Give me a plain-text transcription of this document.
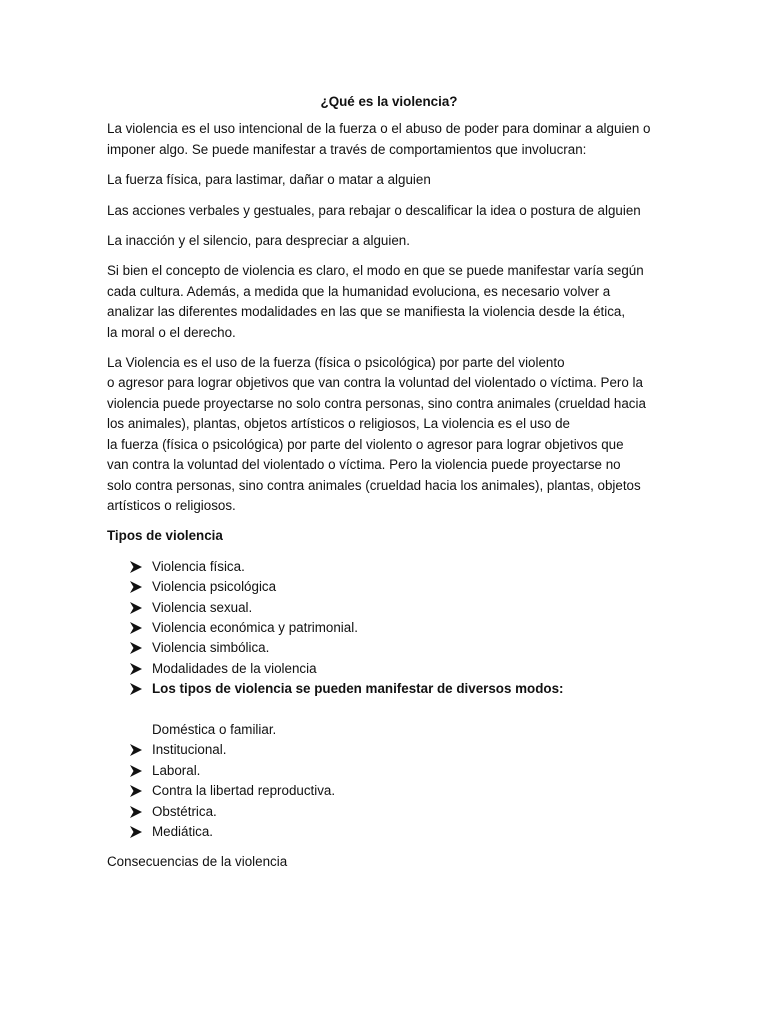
¿Qué es la violencia?
La violencia es el uso intencional de la fuerza o el abuso de poder para dominar a alguien o
imponer algo. Se puede manifestar a través de comportamientos que involucran:
La fuerza física, para lastimar, dañar o matar a alguien
Las acciones verbales y gestuales, para rebajar o descalificar la idea o postura de alguien
La inacción y el silencio, para despreciar a alguien.
Si bien el concepto de violencia es claro, el modo en que se puede manifestar varía según
cada cultura. Además, a medida que la humanidad evoluciona, es necesario volver a
analizar las diferentes modalidades en las que se manifiesta la violencia desde la ética,
la moral o el derecho.
La Violencia es el uso de la fuerza (física o psicológica) por parte del violento
o agresor para lograr objetivos que van contra la voluntad del violentado o víctima. Pero la
violencia puede proyectarse no solo contra personas, sino contra animales (crueldad hacia
los animales), plantas, objetos artísticos o religiosos, La violencia es el uso de
la fuerza (física o psicológica) por parte del violento o agresor para lograr objetivos que
van contra la voluntad del violentado o víctima. Pero la violencia puede proyectarse no
solo contra personas, sino contra animales (crueldad hacia los animales), plantas, objetos
artísticos o religiosos.
Tipos de violencia
Violencia física.
Violencia psicológica
Violencia sexual.
Violencia económica y patrimonial.
Violencia simbólica.
Modalidades de la violencia
Los tipos de violencia se pueden manifestar de diversos modos:
Doméstica o familiar.
Institucional.
Laboral.
Contra la libertad reproductiva.
Obstétrica.
Mediática.
Consecuencias de la violencia
